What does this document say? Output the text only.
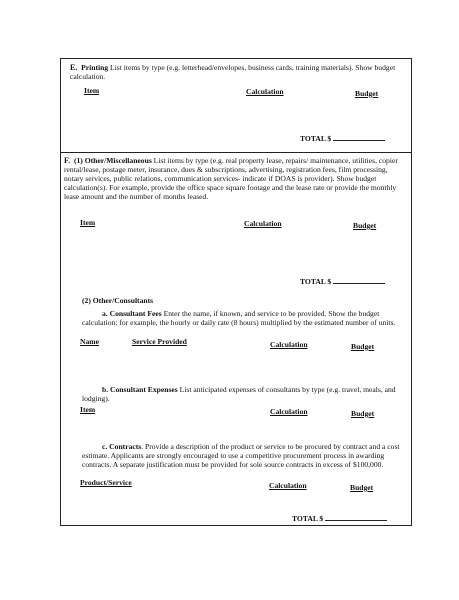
E. Printing List items by type (e.g. letterhead/envelopes, business cards, training materials). Show budget calculation.
Item	Calculation	Budget
TOTAL $
F. (1) Other/Miscellaneous List items by type (e.g. real property lease, repairs/ maintenance, utilities, copier rental/lease, postage meter, insurance, dues & subscriptions, advertising, registration fees, film processing, notary services, public relations, communication services- indicate if DOAS is provider). Show budget calculation(s). For example, provide the office space square footage and the lease rate or provide the monthly lease amount and the number of months leased.
Item	Calculation	Budget
TOTAL $
(2) Other/Consultants
a. Consultant Fees Enter the name, if known, and service to be provided. Show the budget calculation; for example, the hourly or daily rate (8 hours) multiplied by the estimated number of units.
Name	Service Provided	Calculation	Budget
b. Consultant Expenses List anticipated expenses of consultants by type (e.g. travel, meals, and lodging).
Item	Calculation	Budget
c. Contracts. Provide a description of the product or service to be procured by contract and a cost estimate. Applicants are strongly encouraged to use a competitive procurement process in awarding contracts. A separate justification must be provided for sole source contracts in excess of $100,000.
Product/Service	Calculation	Budget
TOTAL $
